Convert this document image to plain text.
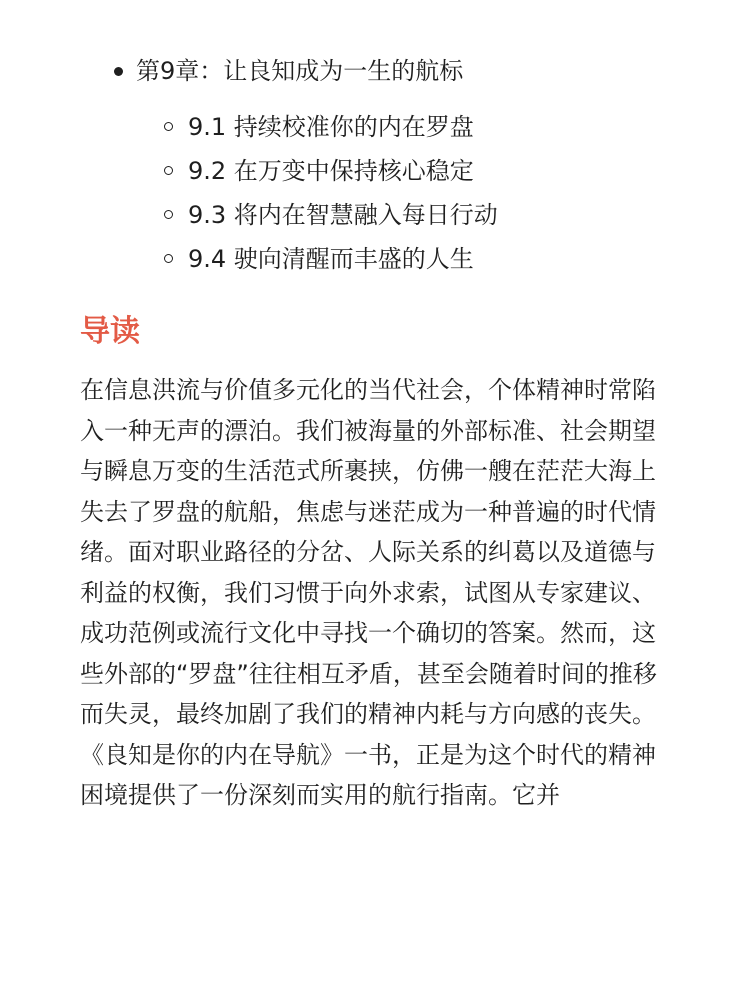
第9章：让良知成为一生的航标
9.1 持续校准你的内在罗盘
9.2 在万变中保持核心稳定
9.3 将内在智慧融入每日行动
9.4 驶向清醒而丰盛的人生
导读

在信息洪流与价值多元化的当代社会，个体精神时常陷入一种无声的漂泊。我们被海量的外部标准、社会期望与瞬息万变的生活范式所裹挟，仿佛一艘在茫茫大海上失去了罗盘的航船，焦虑与迷茫成为一种普遍的时代情绪。面对职业路径的分岔、人际关系的纠葛以及道德与利益的权衡，我们习惯于向外求索，试图从专家建议、成功范例或流行文化中寻找一个确切的答案。然而，这些外部的“罗盘”往往相互矛盾，甚至会随着时间的推移而失灵，最终加剧了我们的精神内耗与方向感的丧失。《良知是你的内在导航》一书，正是为这个时代的精神困境提供了一份深刻而实用的航行指南。它并
